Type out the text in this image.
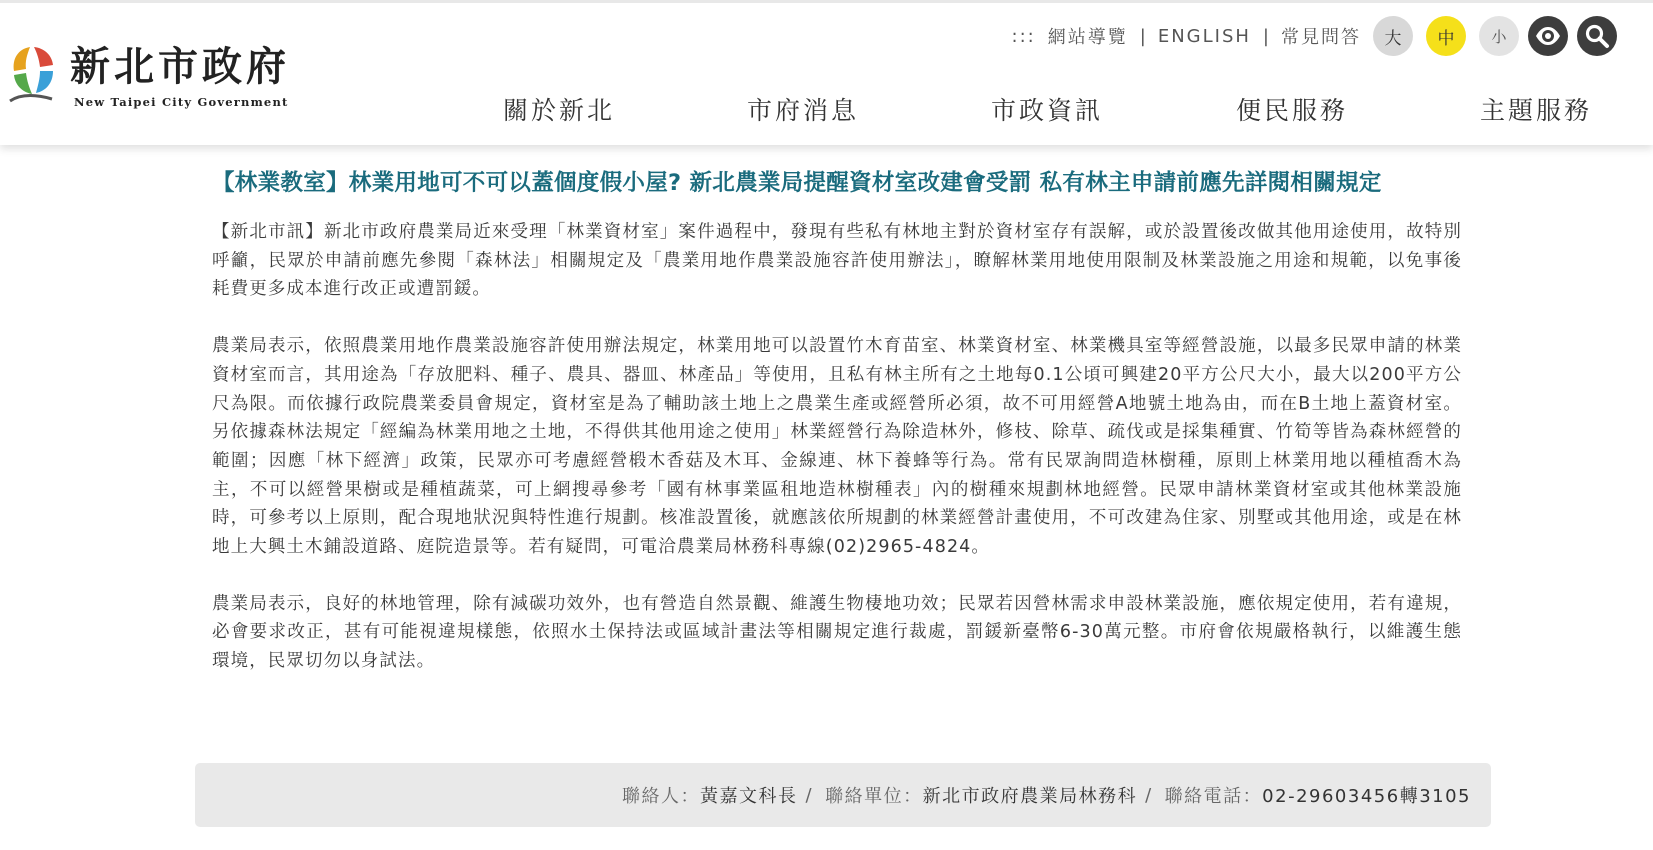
新北市政府
New Taipei City Government
::: 網站導覽 | ENGLISH | 常見問答	大	中	小
關於新北	市府消息	市政資訊	便民服務	主題服務
【林業教室】林業用地可不可以蓋個度假小屋? 新北農業局提醒資材室改建會受罰 私有林主申請前應先詳閱相關規定

【新北市訊】新北市政府農業局近來受理「林業資材室」案件過程中，發現有些私有林地主對於資材室存有誤解，或於設置後改做其他用途使用，故特別呼籲，民眾於申請前應先參閱「森林法」相關規定及「農業用地作農業設施容許使用辦法」，瞭解林業用地使用限制及林業設施之用途和規範，以免事後耗費更多成本進行改正或遭罰鍰。

農業局表示，依照農業用地作農業設施容許使用辦法規定，林業用地可以設置竹木育苗室、林業資材室、林業機具室等經營設施，以最多民眾申請的林業資材室而言，其用途為「存放肥料、種子、農具、器皿、林產品」等使用，且私有林主所有之土地每0.1公頃可興建20平方公尺大小，最大以200平方公尺為限。而依據行政院農業委員會規定，資材室是為了輔助該土地上之農業生產或經營所必須，故不可用經營A地號土地為由，而在B土地上蓋資材室。另依據森林法規定「經編為林業用地之土地，不得供其他用途之使用」林業經營行為除造林外，修枝、除草、疏伐或是採集種實、竹筍等皆為森林經營的範圍；因應「林下經濟」政策，民眾亦可考慮經營椴木香菇及木耳、金線連、林下養蜂等行為。常有民眾詢問造林樹種，原則上林業用地以種植喬木為主，不可以經營果樹或是種植蔬菜，可上網搜尋參考「國有林事業區租地造林樹種表」內的樹種來規劃林地經營。民眾申請林業資材室或其他林業設施時，可參考以上原則，配合現地狀況與特性進行規劃。核准設置後，就應該依所規劃的林業經營計畫使用，不可改建為住家、別墅或其他用途，或是在林地上大興土木鋪設道路、庭院造景等。若有疑問，可電洽農業局林務科專線(02)2965-4824。

農業局表示，良好的林地管理，除有減碳功效外，也有營造自然景觀、維護生物棲地功效；民眾若因營林需求申設林業設施，應依規定使用，若有違規，必會要求改正，甚有可能視違規樣態，依照水土保持法或區域計畫法等相關規定進行裁處，罰鍰新臺幣6-30萬元整。市府會依規嚴格執行，以維護生態環境，民眾切勿以身試法。

聯絡人： 黃嘉文科長 / 聯絡單位： 新北市政府農業局林務科 / 聯絡電話： 02-29603456轉3105
